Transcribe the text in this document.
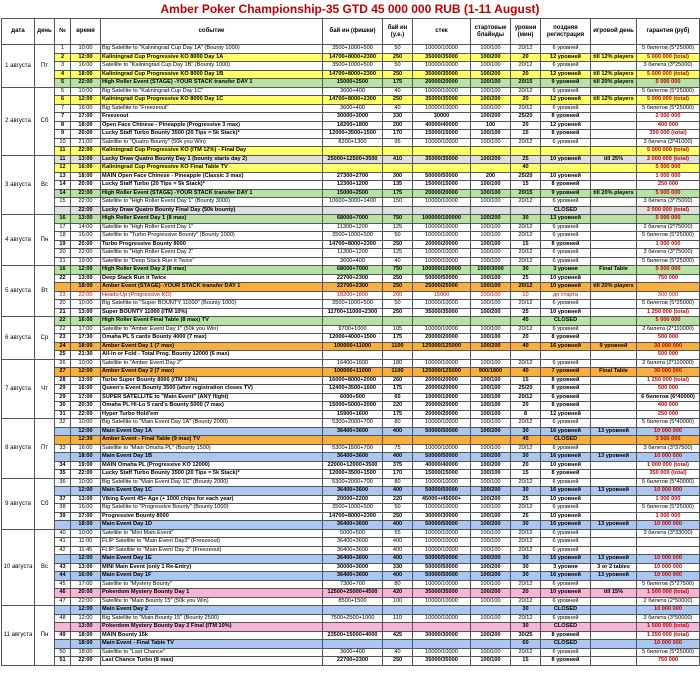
Amber Poker Championship-35 GTD 45 000 000 RUB (1-11 August)
дата	день	№	время	событие	бай ин (фишки)	бай ин (у.е.)	стек	стартовые блайнды	уровни (мин)	поздняя регистрация	игровой день	гарантия (руб)
1 августа	Пт	1	10:00	Big Satellite to "Kaliningrad Cup Day 1A" (Bounty 1000)	3500+1000+500	50	10000/10000	100/100	20/12	6 уровней		5 билетов (5*25000)
		2	12:00	Kaliningrad Cup Progressive KO 8000 Day 1A	14700+8000+2300	250	35000/35000	100/200	20	12 уровней	till 12% players	5 000 000 (total)
		3	16:00	Satellite to "Kaliningrad Cup Day 1B" (Bounty 1000)	3500+1000+500	50	10000/10000	100/100	20/12	6 уровней		3 билета (3*25000)
		4	18:00	Kaliningrad Cup Progressive KO 8000 Day 1B	14700+8000+2300	250	35000/35000	100/200	20	12 уровней	till 12% players	5 000 000 (total)
		5	22:00	High Roller Event (STAGE) -YOUR STACK transfer DAY 1	15000+2500	175	20000/20000	100/100	20/15	9 уровней	till 20% players	5 000 000
2 августа	Сб	5	10:00	Big Satellite to "Kaliningrad Cup Day 1C"	3600+400	40	10000/10000	100/100	20/12	6 уровней		5 билетов (5*25000)
		6	12:00	Kaliningrad Cup Progressive KO 8000 Day 1C	14700+8000+2300	250	35000/35000	100/200	20	12 уровней	till 12% players	5 000 000 (total)
		7	16:00	Big Satellite to "Freezeout"	3600+400	40	10000/10000	100/100	20/12	6 уровней		5 билетов (5*25000)
		7	17:00	Freezeout	30000+3000	330	30000	100/200	25/20	8 уровней		2 000 000
		8	18:00	Open Face Chinese - Pineapple (Progressive 3 max)	18200+1800	200	40000/40000	100	20	12 уровней		400 000
		9	20:00	Lucky Staff Turbo Bounty 3500 (20 Tips = 5k Stack)*	12000+3500+1500	170	15000/15000	100/100	15	8 уровней		350 000 (total)
		10	21:00	Satellite to "Quatro Bounty" (50k you Win)	8200+1300	95	10000/10000	100/100	20/12	6 уровней		3 билета (3*41000)
		11	22:00	Kaliningrad Cup Progressive KO (ITM 12%) - Final Day								5 000 000 (total)
3 августа	Вс	11	13:00	Lucky Draw Quatro Bounty Day 1 (bounty starts day 2)	25000+12500+3500	410	35000/35000	100/200	25	10 уровней	till 25%	2 000 000 (total)
		12	16:00	Kaliningrad Cup Progressive KO Final Table TV					40			5 000 000
		13	18:00	MAIN Open Face Chinese - Pineapple (Classic 3 max)	27300+2700	300	50000/50000	200	25/20	10 уровней		1 000 000
		14	20:00	Lucky Staff Turbo (20 Tips = 5k Stack)*	12300+1200	135	15000/15000	100/100	15	8 уровней		250 000
		14	22:00	High Roller Event (STAGE) -YOUR STACK transfer DAY 1	15000+2500	175	20000/20000	100/100	20/15	9 уровней	till 20% players	5 000 000
		15	22:00	Satellite to "High Roller Event Day 1" (Bounty 3000)	10600+3000+1400	150	10000/10000	100/100	20/12	6 уровней		3 билета (3*75000)
			22:00	Lucky Draw Quatro Bounty Final Day (50k bounty)						CLOSED		2 000 000 (total)
4 августа	Пн	16	13:00	High Roller Event Day 1 (8 max)	68000+7000	750	100000/100000	100/200	30	13 уровней		5 000 000
		17	14:00	Satellite to "High Roller Event Day 1"	11300+1200	125	10000/10000	100/100	20/12	6 уровней		2 билета (2*75000)
		18	16:00	Satellite to "Turbo Progressive Bounty" (Bounty 1000)	3500+1000+500	50	10000/10000	100/100	20/12	6 уровней		5 билетов (5*25000)
		19	20:00	Turbo Progressive Bounty 8000	14700+8000+2300	250	20000/20000	100/100	15	8 уровней		1 000 000
		20	22:00	Satellite to "High Roller Event Day 2"	11300+1200	125	10000/10000	100/100	20/12	6 уровней		3 билета (3*75000)
		21	19:00	Satellite to "Deep Stack Run it Twice"	3600+400	40	10000/10000	100/100	20/12	6 уровней		5 билетов (5*25000)
5 августа	Вт	16	12:00	High Roller Event Day 2 (8 max)	68000+7000	750	100000/100000	1500/3000	30	3 уровня	Final Table	5 000 000
		22	13:00	Deep Stack Run it Twice	22700+2300	250	50000/50000	100/100	25	10 уровней		750 000
			18:00	Amber Event (STAGE) -YOUR STACK transfer DAY 1	22700+2300	250	25000/25000	100/100	20/12	10 уровней	till 20% players	
		23	22:00	Heads-Up (Progressive KO)	18200+1800	200	15000	100/100	10	до старта		300 000
		20	10:00	Big Satellite to "Super BOUNTY 11000" (Bounty 1000)	3500+1000+500	50	10000/10000	100/100	20/12	6 уровней		5 билетов (5*25000)
		21	13:00	Super BOUNTY 11000 (ITM 10%)	11700+11000+2300	250	35000/35000	100/200	25	10 уровней		1 250 000 (total)
6 августа	Ср	22	16:00	High Roller Event Final Table (8 max) TV					45	CLOSED		5 000 000
		22	17:00	Satellite to "Amber Event Day 1" (50k you Win)	9700+1000	105	10000/10000	100/100	20/12	6 уровней		2 билета (2*110000)
		23	17:30	Omaha PL 5 cards Bounty 4000 (7 max)	12000+4000+1500	175	20000/20000	100/100	20	8 уровней		500 000
		24	18:00	Amber Event Day 1 (7 max)	100000+11000	1100	125000/125000	100/200	40	16 уровней	9 уровней	30 000 000
		25	21:30	All-in or Fold - Total Prog. Bounty 12000 (6 max)								500 000
7 августа	Чт	26	10:00	Satellite to "Amber Event Day 2"	16400+1600	180	10000/10000	100/100	20/12	6 уровней		2 билета (2*110000)
		27	12:00	Amber Event Day 2 (7 max)	100000+11000	1100	125000/125000	900/1800	40	7 уровней	Final Table	30 000 000
		28	13:00	Turbo Super Bounty 8000 (ITM 10%)	16000+8000+2000	260	20000/20000	100/100	15	8 уровней		1 250 000 (total)
		29	16:00	Queen's Event Bounty 3500 (after registration closes TV)	12400+3500+1600	175	20000/20000	100/100	25/20	8 уровней		500 000
		29	17:00	SUPER SATELLITE to "Main Event" (ANY flight)	6000+500	65	10000/10000	100/100	20/12	6 уровней		6 билетов (6*40000)
		30	20:30	Omaha PL Hi-Lo 5 card's Bounty 5000 (7 max)	15000+5000+2000	220	20000/20000	100/100	20	8 уровней		400 000
		31	22:00	Hyper Turbo Hold'em	15900+1600	175	20000/20000	100/100	8	12 уровней		250 000
8 августа	Пт	32	10:00	Big Satellite to "Main Event Day 1A" (Bounty 2000)	5300+2000+700	80	10000/10000	100/100	20/12	6 уровней		5 билетов (5*40000)
			12:00	Main Event Day 1A	36400+3600	400	50000/50000	100/200	30	16 уровней	13 уровней	10 000 000
			12:30	Amber Event - Final Table (9 max) TV					45	CLOSED		3 500 000
		33	16:00	Satellite to "Main Omaha PL" (Bounty 1500)	5300+1500+700	75	10000/10000	100/100	20/12	6 уровней		3 билета (3*37500)
			18:00	Main Event Day 1B	36400+3600	400	50000/50000	100/200	30	16 уровней	13 уровней	10 000 000
		34	19:00	MAIN Omaha PL (Progressive KO 12000)	22000+12000+3500	375	40000/40000	100/200	20	10 уровней		1 000 000 (total)
		35	22:00	Lucky Staff Turbo Bounty 3500 (20 Tips = 5k Stack)*	12000+3500+1500	170	15000/15000	100/100	15	8 уровней		350 000 (total)
9 августа	Сб	36	10:00	Big Satellite to "Main Event Day 1C" (Bounty 2000)	5300+2000+700	80	10000/10000	100/100	20/12	6 уровней		5 билетов (5*40000)
			12:00	Main Event Day 1C	36400+3600	400	50000/50000	100/200	30	16 уровней	13 уровней	10 000 000
		37	13:00	Viking Event 45+ Age (+ 1000 chips for each year)	20000+2200	220	45000+/45000+	100/200	25	10 уровней		1 000 000
		38	16:00	Big Satellite to "Progressive Bounty" (Bounty 1000)	3500+1000+500	50	10000/10000	100/100	20/12	6 уровней		5 билетов (5*25000)
		39	17:00	Progressive Bounty 8000	14700+8000+2300	250	30000/30000	100/100	25	10 уровней		1 000 000
			18:00	Main Event Day 1D	36400+3600	400	50000/50000	100/200	30	16 уровней	13 уровней	10 000 000
10 августа	Вс	40	10:00	Satellite to "Mini Main Event"	5000+500	55	10000/10000	100/100	20/12	6 уровней		3 билета (3*33000)
		41	11:00	FLIP Satellite to "Main Event Day2" (Freezeout)	36400+3600	400	10000/10000	100/100	20/12	6 уровней		
		42	11:45	FLIP Satellite to "Main Event Day 2" (Freezeout)	36400+3600	400	10000/10000	100/100	20/12	6 уровней		
			12:00	Main Event Day 1E	36400+3600	400	50000/50000	100/200	30	16 уровней	13 уровней	10 000 000
		43	13:00	MINI Main Event (only 1 Re-Entry)	30000+3000	330	50000/50000	100/200	30	3 уровня	3 or 2 tables	10 000 000
		44	16:00	Main Event Day 1F	36400+3600	400	50000/50000	100/200	30	16 уровней	13 уровней	10 000 000
		45	17:00	Satellite to "Mystery Bounty"	7300+700	80	10000/10000	100/100	20/12	6 уровней		5 билетов (5*27500)
		46	20:00	Pokerdom Mystery Bounty Day 1	12500+25000+4500	420	35000/35000	100/200	20	10 уровней	till 15%	1 500 000 (total)
		47	22:00	Satellite to "Main Bounty 15" (50k you Win)	8500+1500	100	10000/10000	100/100	20/12	6 уровней		2 билета (2*50000)
11 августа	Пн		12:00	Main Event Day 2					30	CLOSED		10 000 000
		48	12:00	Big Satellite to "Main Bounty 15" (Bounty 2500)	7500+2500+1000	110	10000/10000	100/100	20/12	6 уровней		3 билета (3*50000)
			13:00	Pokerdom Mystery Bounty Day 2 Final (ITM 10%)					30	CLOSED		1 500 000 (total)
		49	18:00	MAIN Bounty 15k	23500+15000+4000	425	30000/30000	100/200	30/25	8 уровней		1 250 000 (total)
			18:00	Main Event - Final Table TV					60	CLOSED		10 000 000
		50	18:00	Satellite to "Last Chance"	3600+400	40	10000/10000	100/100	20/12	6 уровней		5 билетов (5*25000)
		51	22:00	Last Chance Turbo (8 max)	22700+2300	250	35000/35000	100/100	15	8 уровней		750 000
